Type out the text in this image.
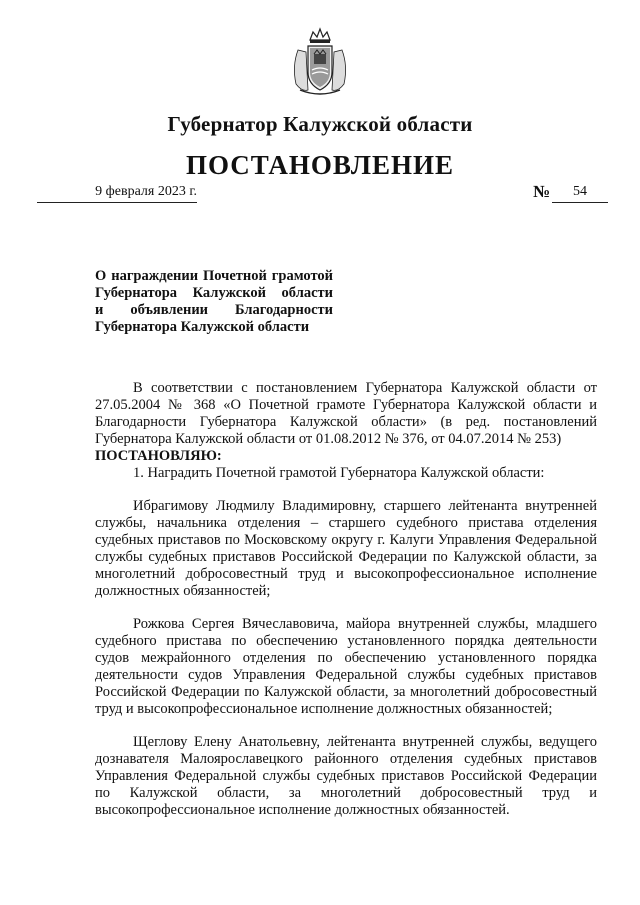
Губернатор Калужской области
ПОСТАНОВЛЕНИЕ
9 февраля 2023 г.	№	54
О награждении Почетной грамотой
Губернатора Калужской области
и объявлении Благодарности
Губернатора Калужской области

В соответствии с постановлением Губернатора Калужской области от 27.05.2004 № 368 «О Почетной грамоте Губернатора Калужской области и Благодарности Губернатора Калужской области» (в ред. постановлений Губернатора Калужской области от 01.08.2012 № 376, от 04.07.2014 № 253)

ПОСТАНОВЛЯЮ:

1. Наградить Почетной грамотой Губернатора Калужской области:

Ибрагимову Людмилу Владимировну, старшего лейтенанта внутренней службы, начальника отделения – старшего судебного пристава отделения судебных приставов по Московскому округу г. Калуги Управления Федеральной службы судебных приставов Российской Федерации по Калужской области, за многолетний добросовестный труд и высокопрофессиональное исполнение должностных обязанностей;

Рожкова Сергея Вячеславовича, майора внутренней службы, младшего судебного пристава по обеспечению установленного порядка деятельности судов межрайонного отделения по обеспечению установленного порядка деятельности судов Управления Федеральной службы судебных приставов Российской Федерации по Калужской области, за многолетний добросовестный труд и высокопрофессиональное исполнение должностных обязанностей;

Щеглову Елену Анатольевну, лейтенанта внутренней службы, ведущего дознавателя Малоярославецкого районного отделения судебных приставов Управления Федеральной службы судебных приставов Российской Федерации по Калужской области, за многолетний добросовестный труд и высокопрофессиональное исполнение должностных обязанностей.
